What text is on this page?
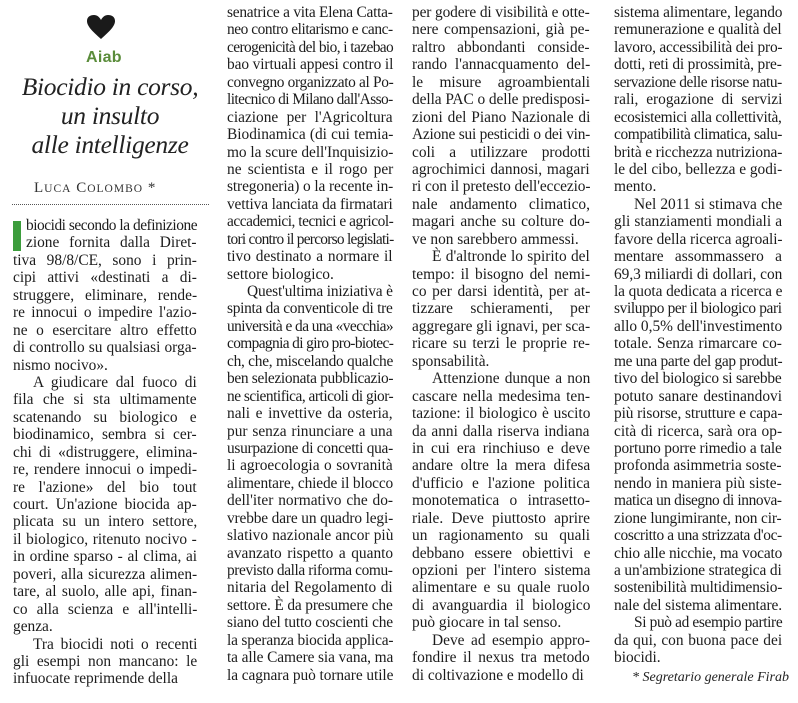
Aiab
Biocidio in corso,
un insulto
alle intelligenze
LUCA COLOMBO *
biocidi secondo la definizione
zione fornita dalla Diret-
tiva 98/8/CE, sono i prin-
cipi attivi «destinati a di-
struggere, eliminare, rende-
re innocui o impedire l'azio-
ne o esercitare altro effetto
di controllo su qualsiasi orga-
nismo nocivo».
A giudicare dal fuoco di
fila che si sta ultimamente
scatenando su biologico e
biodinamico, sembra si cer-
chi di «distruggere, elimina-
re, rendere innocui o impedi-
re l'azione» del bio tout
court. Un'azione biocida ap-
plicata su un intero settore,
il biologico, ritenuto nocivo -
in ordine sparso - al clima, ai
poveri, alla sicurezza alimen-
tare, al suolo, alle api, finan-
co alla scienza e all'intelli-
genza.
Tra biocidi noti o recenti
gli esempi non mancano: le
infuocate reprimende della
senatrice a vita Elena Catta-
neo contro elitarismo e canc-
cerogenicità del bio, i tazebao
bao virtuali appesi contro il
convegno organizzato al Po-
litecnico di Milano dall'Asso-
ciazione per l'Agricoltura
Biodinamica (di cui temia-
mo la scure dell'Inquisizio-
ne scientista e il rogo per
stregoneria) o la recente in-
vettiva lanciata da firmatari
accademici, tecnici e agricol-
tori contro il percorso legislati-
tivo destinato a normare il
settore biologico.
Quest'ultima iniziativa è
spinta da conventicole di tre
università e da una «vecchia»
compagnia di giro pro-biotec-
ch, che, miscelando qualche
ben selezionata pubblicazio-
ne scientifica, articoli di gior-
nali e invettive da osteria,
pur senza rinunciare a una
usurpazione di concetti qua-
li agroecologia o sovranità
alimentare, chiede il blocco
dell'iter normativo che do-
vrebbe dare un quadro legi-
slativo nazionale ancor più
avanzato rispetto a quanto
previsto dalla riforma comu-
nitaria del Regolamento di
settore. È da presumere che
siano del tutto coscienti che
la speranza biocida applica-
ta alle Camere sia vana, ma
la cagnara può tornare utile
per godere di visibilità e otte-
nere compensazioni, già pe-
raltro abbondanti conside-
rando l'annacquamento del-
le misure agroambientali
della PAC o delle predisposi-
zioni del Piano Nazionale di
Azione sui pesticidi o dei vin-
coli a utilizzare prodotti
agrochimici dannosi, magari
ri con il pretesto dell'eccezio-
nale andamento climatico,
magari anche su colture do-
ve non sarebbero ammessi.
È d'altronde lo spirito del
tempo: il bisogno del nemi-
co per darsi identità, per at-
tizzare schieramenti, per
aggregare gli ignavi, per sca-
ricare su terzi le proprie re-
sponsabilità.
Attenzione dunque a non
cascare nella medesima ten-
tazione: il biologico è uscito
da anni dalla riserva indiana
in cui era rinchiuso e deve
andare oltre la mera difesa
d'ufficio e l'azione politica
monotematica o intrasetto-
riale. Deve piuttosto aprire
un ragionamento su quali
debbano essere obiettivi e
opzioni per l'intero sistema
alimentare e su quale ruolo
di avanguardia il biologico
può giocare in tal senso.
Deve ad esempio appro-
fondire il nexus tra metodo
di coltivazione e modello di
sistema alimentare, legando
remunerazione e qualità del
lavoro, accessibilità dei pro-
dotti, reti di prossimità, pre-
servazione delle risorse natu-
rali, erogazione di servizi
ecosistemici alla collettività,
compatibilità climatica, salu-
brità e ricchezza nutriziona-
le del cibo, bellezza e godi-
mento.
Nel 2011 si stimava che
gli stanziamenti mondiali a
favore della ricerca agroali-
mentare assommassero a
69,3 miliardi di dollari, con
la quota dedicata a ricerca e
sviluppo per il biologico pari
allo 0,5% dell'investimento
totale. Senza rimarcare co-
me una parte del gap produt-
tivo del biologico si sarebbe
potuto sanare destinandovi
più risorse, strutture e capa-
cità di ricerca, sarà ora op-
portuno porre rimedio a tale
profonda asimmetria soste-
nendo in maniera più siste-
matica un disegno di innova-
zione lungimirante, non cir-
coscritto a una strizzata d'oc-
chio alle nicchie, ma vocato
a un'ambizione strategica di
sostenibilità multidimensio-
nale del sistema alimentare.
Si può ad esempio partire
da qui, con buona pace dei
biocidi.
* Segretario generale Firab
